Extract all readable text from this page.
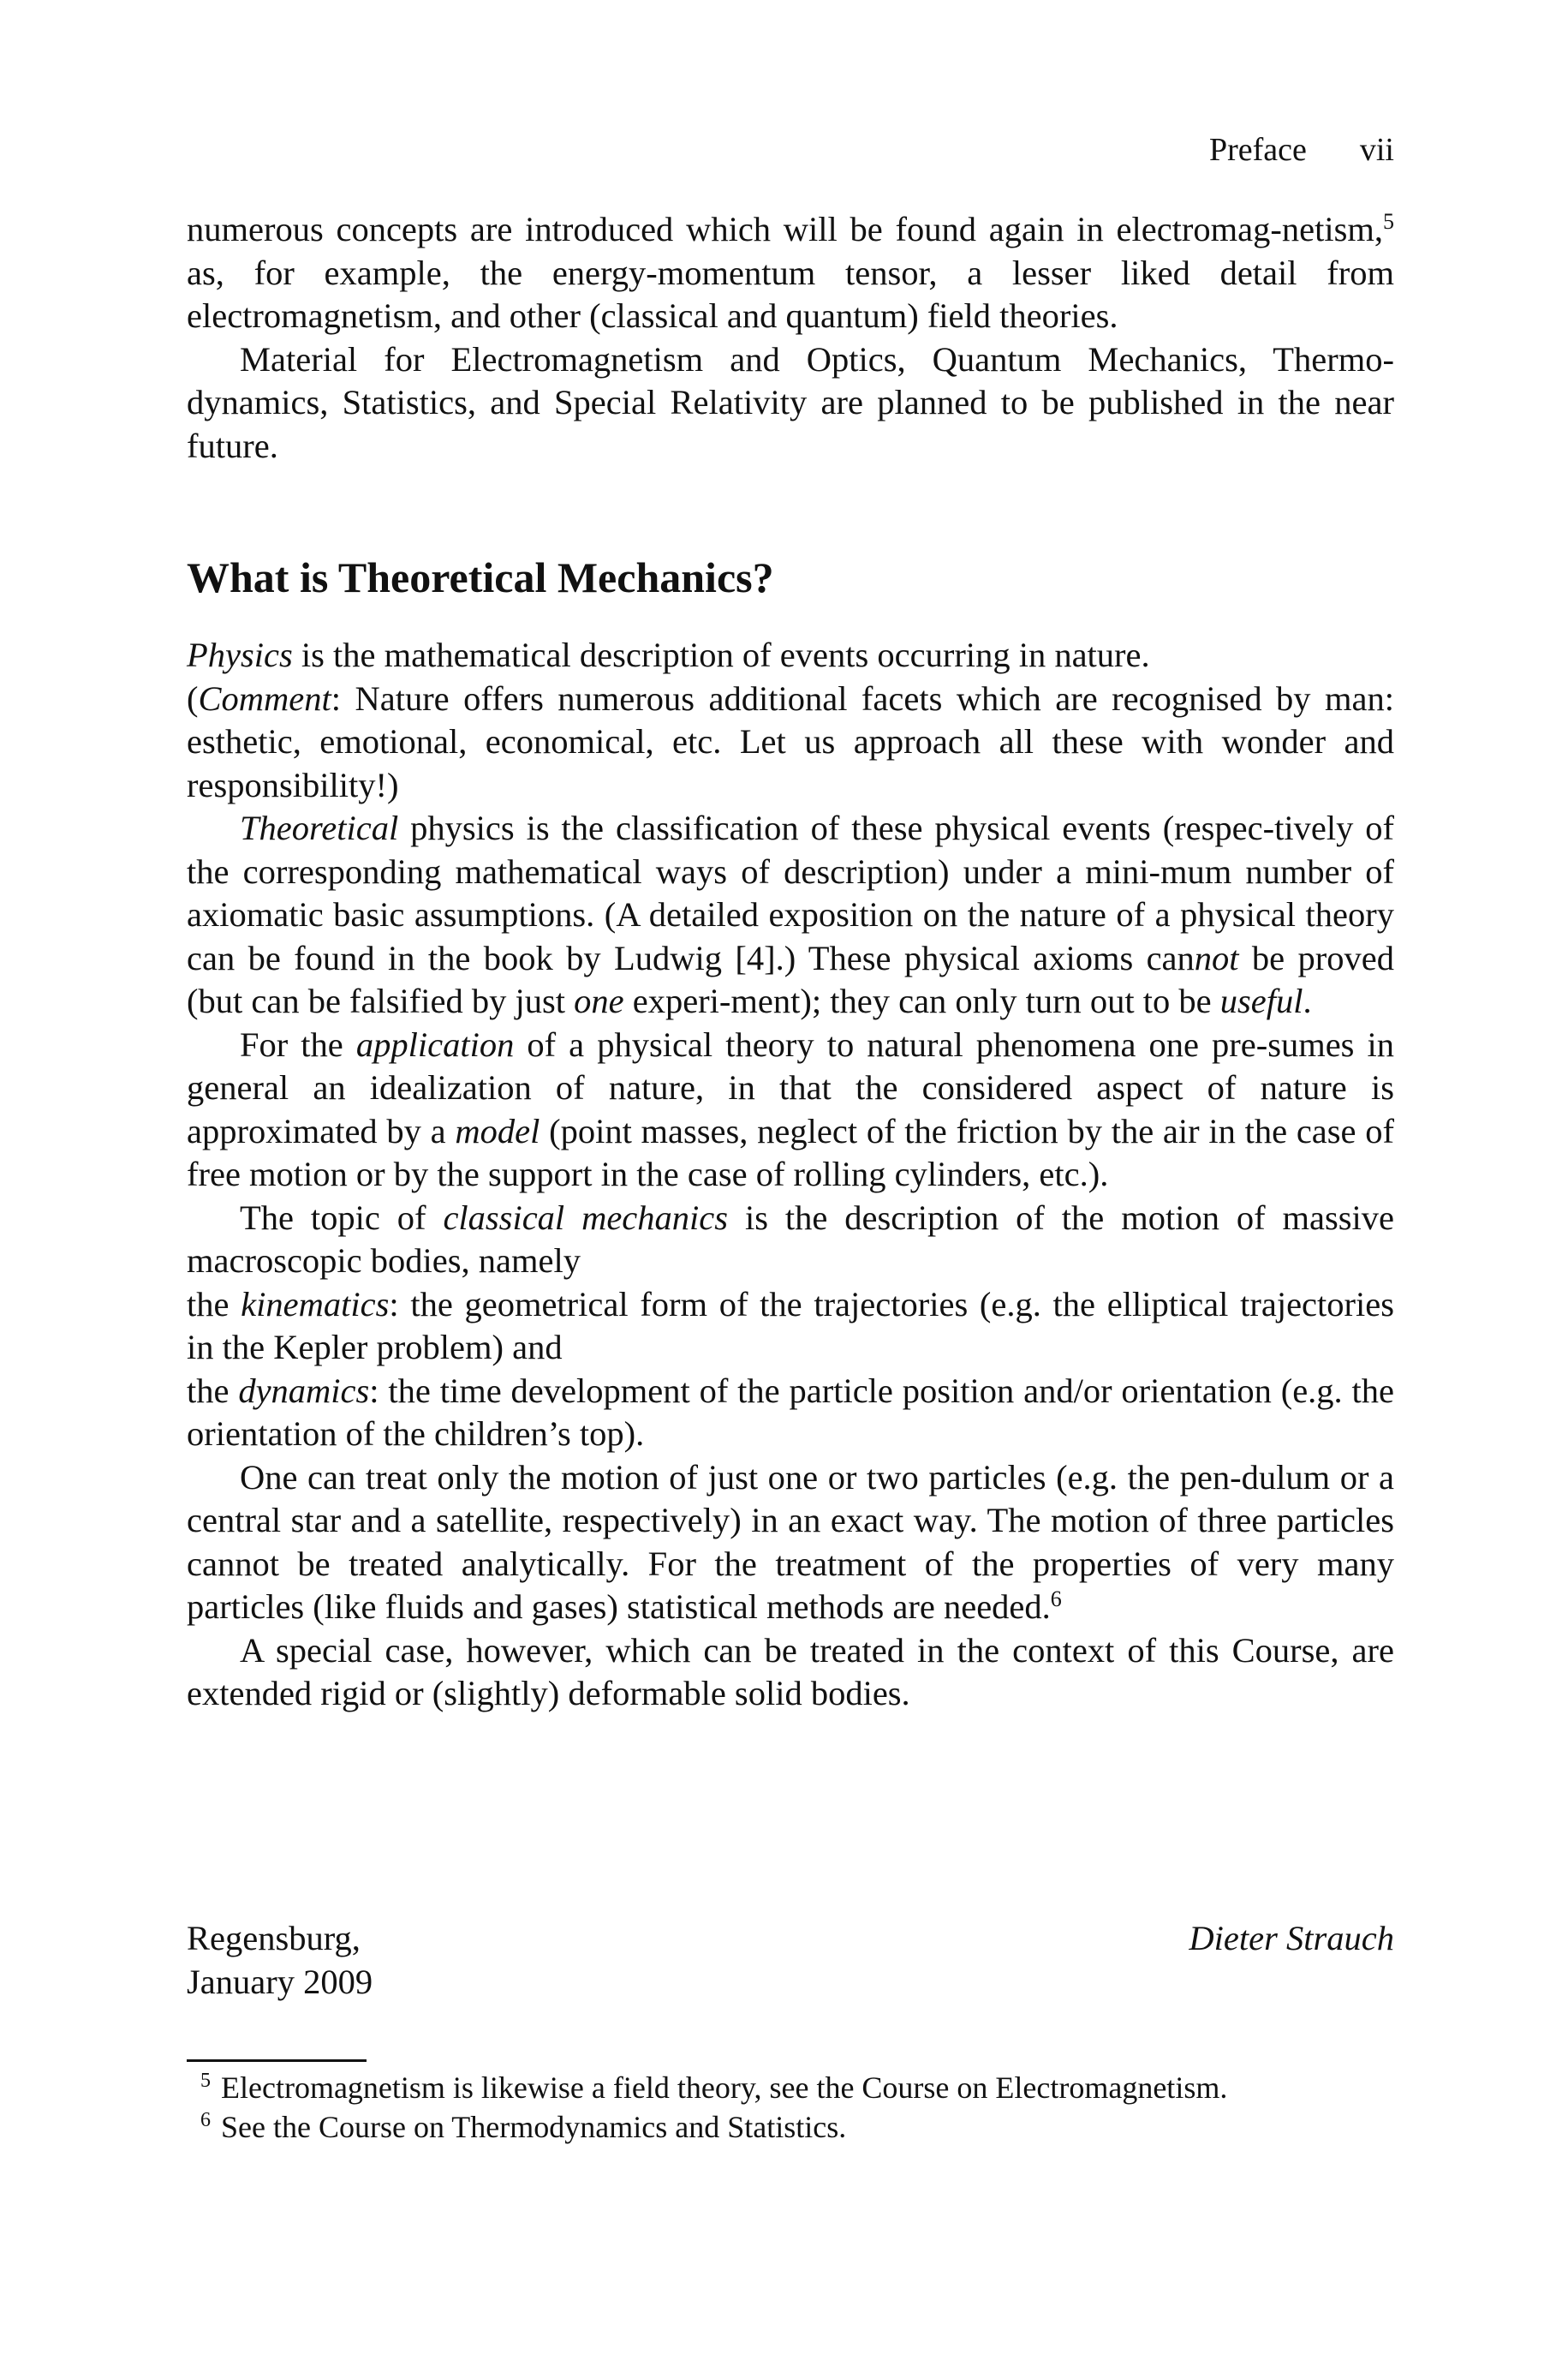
Preface vii

numerous concepts are introduced which will be found again in electromag-netism,$^5$ as, for example, the energy-momentum tensor, a lesser liked detail from electromagnetism, and other (classical and quantum) field theories.

Material for Electromagnetism and Optics, Quantum Mechanics, Thermo-dynamics, Statistics, and Special Relativity are planned to be published in the near future.

What is Theoretical Mechanics?

Physics is the mathematical description of events occurring in nature.

(Comment: Nature offers numerous additional facets which are recognised by man: esthetic, emotional, economical, etc. Let us approach all these with wonder and responsibility!)

Theoretical physics is the classification of these physical events (respec-tively of the corresponding mathematical ways of description) under a mini-mum number of axiomatic basic assumptions. (A detailed exposition on the nature of a physical theory can be found in the book by Ludwig [4].) These physical axioms cannot be proved (but can be falsified by just one experi-ment); they can only turn out to be useful.

For the application of a physical theory to natural phenomena one pre-sumes in general an idealization of nature, in that the considered aspect of nature is approximated by a model (point masses, neglect of the friction by the air in the case of free motion or by the support in the case of rolling cylinders, etc.).

The topic of classical mechanics is the description of the motion of massive macroscopic bodies, namely

the kinematics: the geometrical form of the trajectories (e.g. the elliptical trajectories in the Kepler problem) and

the dynamics: the time development of the particle position and/or orientation (e.g. the orientation of the children’s top).

One can treat only the motion of just one or two particles (e.g. the pen-dulum or a central star and a satellite, respectively) in an exact way. The motion of three particles cannot be treated analytically. For the treatment of the properties of very many particles (like fluids and gases) statistical methods are needed.$^6$

A special case, however, which can be treated in the context of this Course, are extended rigid or (slightly) deformable solid bodies.

Regensburg,
January 2009
Dieter Strauch
$^5$ Electromagnetism is likewise a field theory, see the Course on Electromagnetism.
$^6$ See the Course on Thermodynamics and Statistics.
